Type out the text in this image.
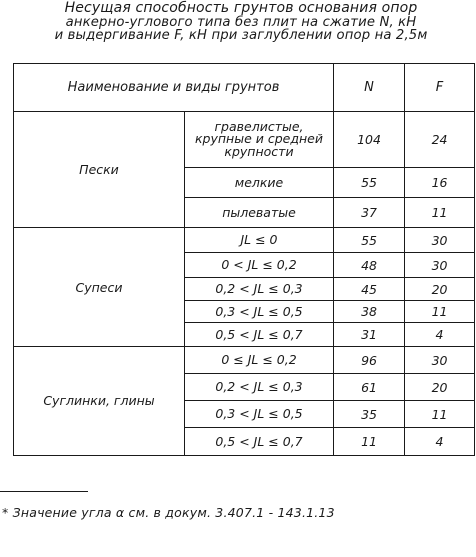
Несущая способность грунтов основания опор
анкерно-углового типа без плит на сжатие N, кН
и выдергивание F, кН при заглублении опор на 2,5м
Наименование и виды грунтов		N	F
Пески	гравелистые, крупные и средней крупности	104	24
	мелкие	55	16
	пылеватые	37	11
Супеси	JL ≤ 0	55	30
	0 < JL ≤ 0,2	48	30
	0,2 < JL ≤ 0,3	45	20
	0,3 < JL ≤ 0,5	38	11
	0,5 < JL ≤ 0,7	31	4
Суглинки, глины	0 ≤ JL ≤ 0,2	96	30
	0,2 < JL ≤ 0,3	61	20
	0,3 < JL ≤ 0,5	35	11
	0,5 < JL ≤ 0,7	11	4
* Значение угла α см. в докум. 3.407.1 - 143.1.13
